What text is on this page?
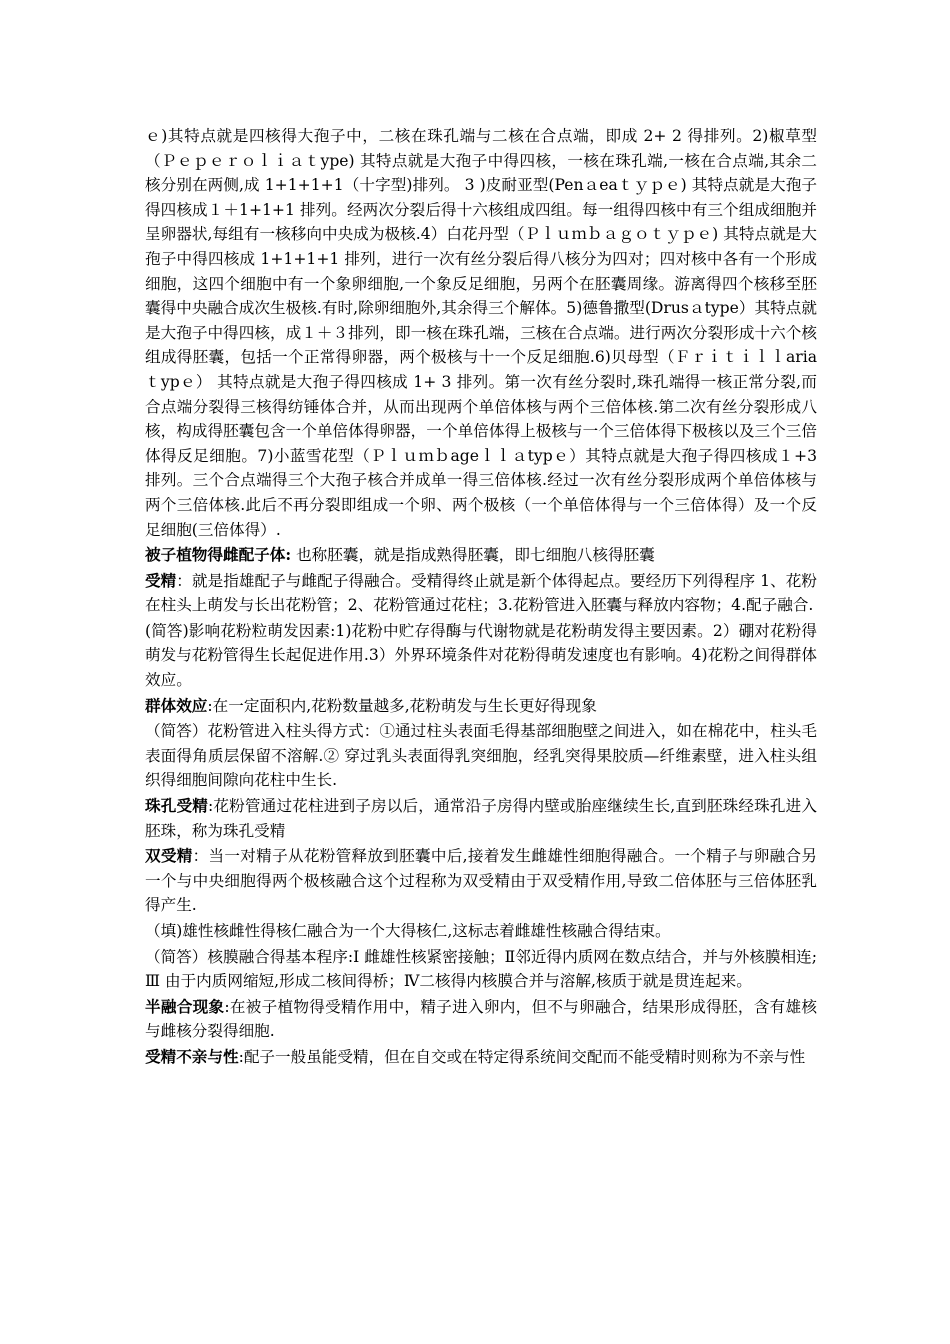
ｅ)其特点就是四核得大孢子中，二核在珠孔端与二核在合点端，即成 2+ 2 得排列。2)椒草型（Ｐｅｐｅｒｏｌｉａｔype) 其特点就是大孢子中得四核，一核在珠孔端,一核在合点端,其余二核分别在两侧,成 1+1+1+1（十字型)排列。 3 )皮耐亚型(Penａeaｔｙｐｅ) 其特点就是大孢子得四核成１＋1+1+1 排列。经两次分裂后得十六核组成四组。每一组得四核中有三个组成细胞并呈卵器状,每组有一核移向中央成为极核.4）白花丹型（Ｐｌｕｍｂａｇｏｔｙｐｅ) 其特点就是大孢子中得四核成 1+1+1+1 排列，进行一次有丝分裂后得八核分为四对；四对核中各有一个形成细胞，这四个细胞中有一个象卵细胞,一个象反足细胞，另两个在胚囊周缘。游离得四个核移至胚囊得中央融合成次生极核.有时,除卵细胞外,其余得三个解体。5)德鲁撒型(Drusａtype）其特点就是大孢子中得四核，成１＋３排列，即一核在珠孔端，三核在合点端。进行两次分裂形成十六个核组成得胚囊，包括一个正常得卵器，两个极核与十一个反足细胞.6)贝母型（Ｆｒｉｔｉｌｌaria ｔypｅ） 其特点就是大孢子得四核成 1+ 3 排列。第一次有丝分裂时,珠孔端得一核正常分裂,而合点端分裂得三核得纺锤体合并，从而出现两个单倍体核与两个三倍体核.第二次有丝分裂形成八核，构成得胚囊包含一个单倍体得卵器，一个单倍体得上极核与一个三倍体得下极核以及三个三倍体得反足细胞。7)小蓝雪花型（Ｐｌｕｍｂageｌｌａtypｅ）其特点就是大孢子得四核成１+3 排列。三个合点端得三个大孢子核合并成单一得三倍体核.经过一次有丝分裂形成两个单倍体核与两个三倍体核.此后不再分裂即组成一个卵、两个极核（一个单倍体得与一个三倍体得）及一个反足细胞(三倍体得）.

被子植物得雌配子体: 也称胚囊，就是指成熟得胚囊，即七细胞八核得胚囊

受精：就是指雄配子与雌配子得融合。受精得终止就是新个体得起点。要经历下列得程序 1、花粉在柱头上萌发与长出花粉管；2、花粉管通过花柱；3.花粉管进入胚囊与释放内容物；4.配子融合.

(简答)影响花粉粒萌发因素:1)花粉中贮存得酶与代谢物就是花粉萌发得主要因素。2）硼对花粉得萌发与花粉管得生长起促进作用.3）外界环境条件对花粉得萌发速度也有影响。4)花粉之间得群体效应。

群体效应:在一定面积内,花粉数量越多,花粉萌发与生长更好得现象

（简答）花粉管进入柱头得方式：①通过柱头表面毛得基部细胞壁之间进入，如在棉花中，柱头毛表面得角质层保留不溶解.② 穿过乳头表面得乳突细胞，经乳突得果胶质—纤维素壁，进入柱头组织得细胞间隙向花柱中生长.

珠孔受精:花粉管通过花柱进到子房以后，通常沿子房得内壁或胎座继续生长,直到胚珠经珠孔进入胚珠，称为珠孔受精

双受精：当一对精子从花粉管释放到胚囊中后,接着发生雌雄性细胞得融合。一个精子与卵融合另一个与中央细胞得两个极核融合这个过程称为双受精由于双受精作用,导致二倍体胚与三倍体胚乳得产生.

（填)雄性核雌性得核仁融合为一个大得核仁,这标志着雌雄性核融合得结束。

（简答）核膜融合得基本程序:Ⅰ 雌雄性核紧密接触；Ⅱ邻近得内质网在数点结合，并与外核膜相连;Ⅲ 由于内质网缩短,形成二核间得桥；Ⅳ二核得内核膜合并与溶解,核质于就是贯连起来。

半融合现象:在被子植物得受精作用中，精子进入卵内，但不与卵融合，结果形成得胚，含有雄核与雌核分裂得细胞.

受精不亲与性:配子一般虽能受精，但在自交或在特定得系统间交配而不能受精时则称为不亲与性
